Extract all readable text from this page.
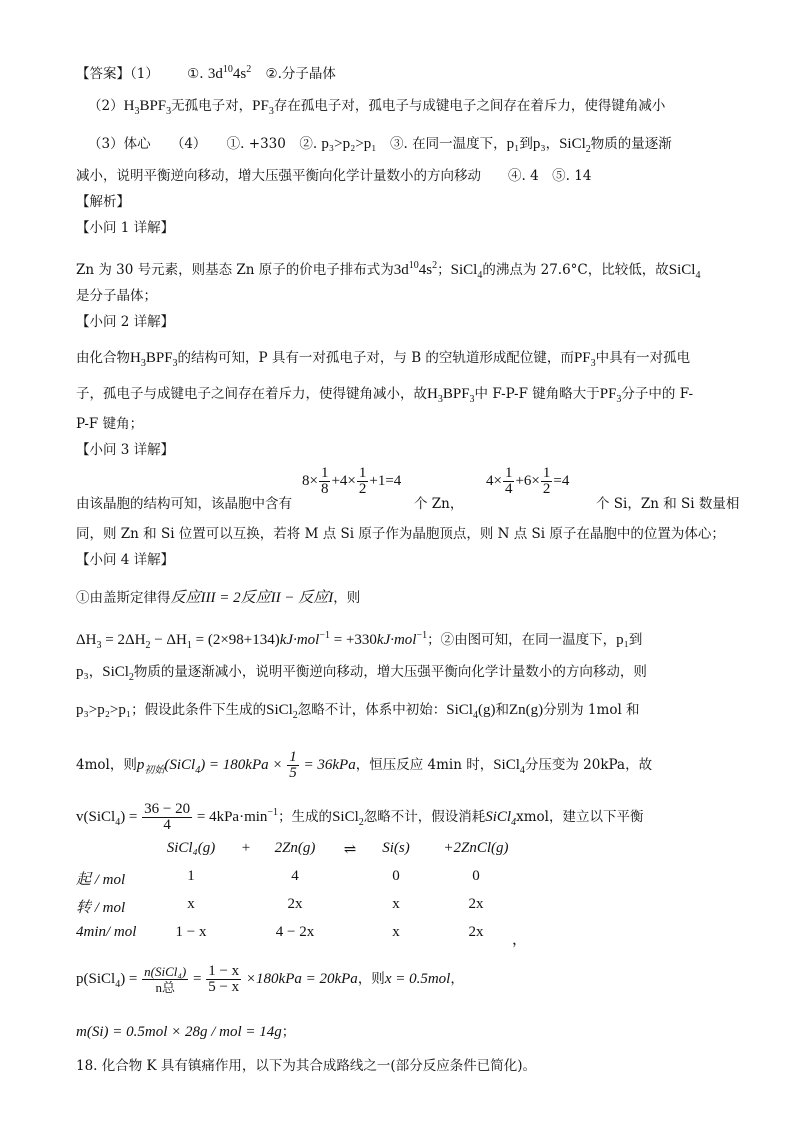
【答案】（1） ①. $3d^{10}4s^2$ ②.分子晶体
$(2)H_3BPF_3$无孤电子对，$PF_3$存在孤电子对，孤电子与成键电子之间存在着斥力，使得键角减小
（3）体心　　（4）　　①. +330　②. p₃>p₂>p₁　③. 在同一温度下，p₁到p₃，SiCl$_2$物质的量逐渐
减小，说明平衡逆向移动，增大压强平衡向化学计量数小的方向移动　　④. 4　⑤. 14
【解析】
【小问 1 详解】
Zn 为 30 号元素，则基态 Zn 原子的价电子排布式为$3d^{10}4s^2$；SiCl$_4$的沸点为 27.6°C，比较低，故SiCl$_4$
是分子晶体；
【小问 2 详解】
由化合物$H_3BPF_3$的结构可知，P 具有一对孤电子对，与 B 的空轨道形成配位键，而$PF_3$中具有一对孤电
子，孤电子与成键电子之间存在着斥力，使得键角减小，故$H_3BPF_3$中 F-P-F 键角略大于$PF_3$分子中的 F-
P-F 键角；
【小问 3 详解】
$8\times \frac{1}{8} +4\times \frac{1}{2} +1=4$	$4\times \frac{1}{4} +6\times \frac{1}{2} =4$
由该晶胞的结构可知，该晶胞中含有	个 Zn，	个 Si，Zn 和 Si 数量相
同，则 Zn 和 Si 位置可以互换，若将 M 点 Si 原子作为晶胞顶点，则 N 点 Si 原子在晶胞中的位置为体心；
【小问 4 详解】
①由盖斯定律得反应III = 2反应II − 反应I，则
$\Delta H_3 = 2\Delta H_2 - \Delta H_1 = (2\times 98+134)kJ\cdot mol^{-1} = +330kJ\cdot mol^{-1}$；②由图可知，在同一温度下，p₁到
p₃，SiCl$_2$物质的量逐渐减小，说明平衡逆向移动，增大压强平衡向化学计量数小的方向移动，则
p₃>p₂>p₁；假设此条件下生成的SiCl$_2$忽略不计，体系中初始：SiCl$_4$(g)和Zn(g)分别为 1mol 和
4mol，则$p_{初始}(SiCl_4) = 180kPa \times \frac{1}{5} = 36kPa$，恒压反应 4min 时，SiCl$_4$分压变为 20kPa，故
v(SiCl$_4$) = $\frac{36 - 20}{4} = 4kPa\cdot\min^{-1}$；生成的SiCl$_2$忽略不计，假设消耗SiCl$_4$xmol，建立以下平衡
SiCl₄(g)	+	2Zn(g)	⇌	Si(s)	+2ZnCl(g)
起 / mol	1	4	0	0
转 / mol	x	2x	x	2x
4min/ mol	1 − x	4 − 2x	x	2x	，
p(SiCl$_4$) = $\frac{\text{n(SiCl₄)}}{\text{n总}} = \frac{1 - x}{5 - x} \times 180kPa = 20kPa$，则x = 0.5mol，
m(Si) = 0.5mol × 28g / mol = 14g；
18. 化合物 K 具有镇痛作用，以下为其合成路线之一(部分反应条件已简化)。
